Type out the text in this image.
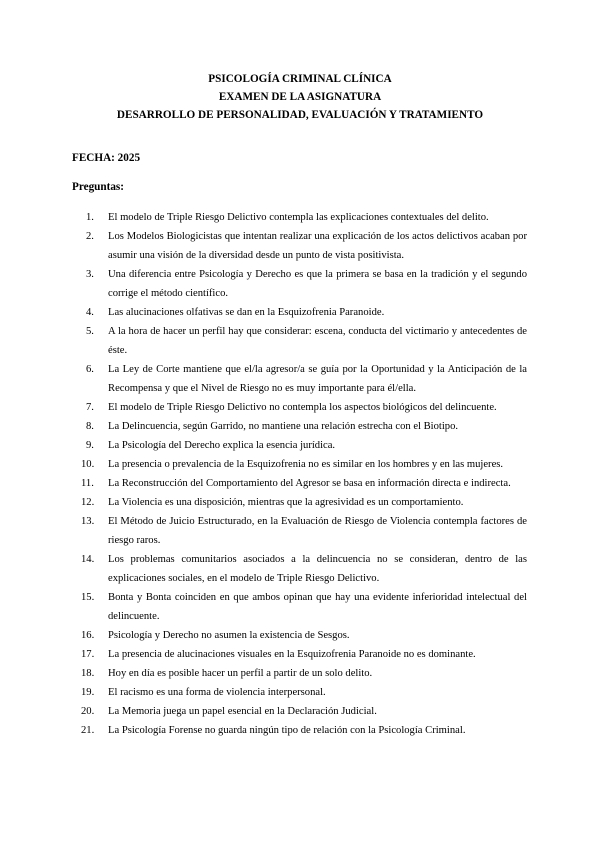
PSICOLOGÍA CRIMINAL CLÍNICA
EXAMEN DE LA ASIGNATURA
DESARROLLO DE PERSONALIDAD, EVALUACIÓN Y TRATAMIENTO
FECHA: 2025
Preguntas:
1.	El modelo de Triple Riesgo Delictivo contempla las explicaciones contextuales del delito.
2.	Los Modelos Biologicistas que intentan realizar una explicación de los actos delictivos acaban por asumir una visión de la diversidad desde un punto de vista positivista.
3.	Una diferencia entre Psicología y Derecho es que la primera se basa en la tradición y el segundo corrige el método científico.
4.	Las alucinaciones olfativas se dan en la Esquizofrenia Paranoide.
5.	A la hora de hacer un perfil hay que considerar: escena, conducta del victimario y antecedentes de éste.
6.	La Ley de Corte mantiene que el/la agresor/a se guía por la Oportunidad y la Anticipación de la Recompensa y que el Nivel de Riesgo no es muy importante para él/ella.
7.	El modelo de Triple Riesgo Delictivo no contempla los aspectos biológicos del delincuente.
8.	La Delincuencia, según Garrido, no mantiene una relación estrecha con el Biotipo.
9.	La Psicología del Derecho explica la esencia jurídica.
10.	La presencia o prevalencia de la Esquizofrenia no es similar en los hombres y en las mujeres.
11.	La Reconstrucción del Comportamiento del Agresor se basa en información directa e indirecta.
12.	La Violencia es una disposición, mientras que la agresividad es un comportamiento.
13.	El Método de Juicio Estructurado, en la Evaluación de Riesgo de Violencia contempla factores de riesgo raros.
14.	Los problemas comunitarios asociados a la delincuencia no se consideran, dentro de las explicaciones sociales, en el modelo de Triple Riesgo Delictivo.
15.	Bonta y Bonta coinciden en que ambos opinan que hay una evidente inferioridad intelectual del delincuente.
16.	Psicología y Derecho no asumen la existencia de Sesgos.
17.	La presencia de alucinaciones visuales en la Esquizofrenia Paranoide no es dominante.
18.	Hoy en día es posible hacer un perfil a partir de un solo delito.
19.	El racismo es una forma de violencia interpersonal.
20.	La Memoria juega un papel esencial en la Declaración Judicial.
21.	La Psicología Forense no guarda ningún tipo de relación con la Psicología Criminal.
